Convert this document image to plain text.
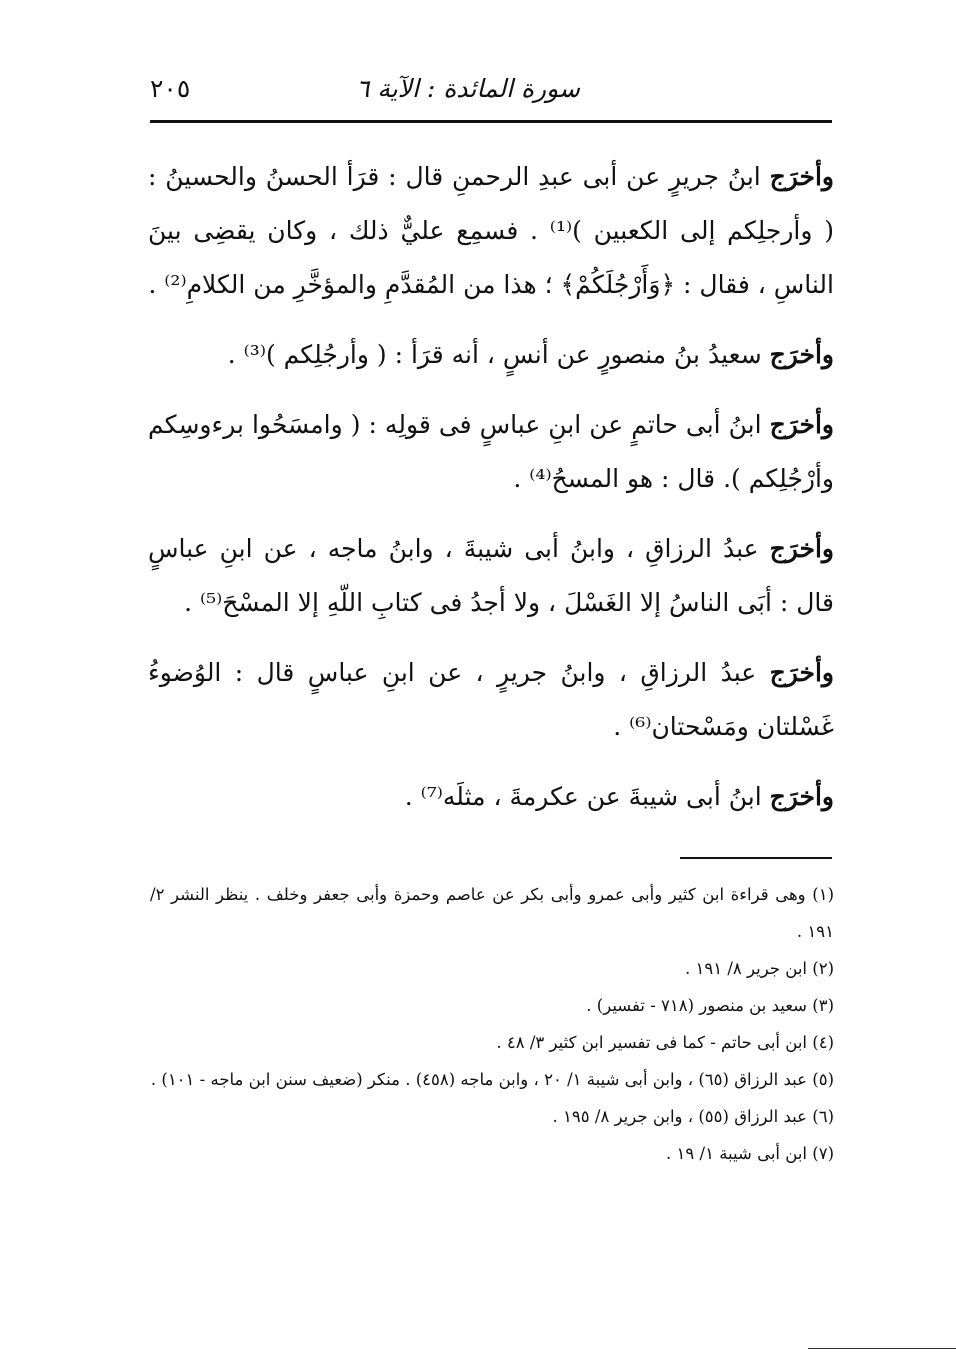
٢٠٥	سورة المائدة : الآية ٦

وأخرَج ابنُ جريرٍ عن أبى عبدِ الرحمنِ قال : قرَأ الحسنُ والحسينُ : ( وأرجلِكم إلى الكعبين )⁽¹⁾ . فسمِع عليٌّ ذلك ، وكان يقضِى بينَ الناسِ ، فقال : ﴿وَأَرْجُلَكُمْ﴾ ؛ هذا من المُقدَّمِ والمؤخَّرِ من الكلامِ⁽²⁾ .

وأخرَج سعيدُ بنُ منصورٍ عن أنسٍ ، أنه قرَأ : ( وأرجُلِكم )⁽³⁾ .

وأخرَج ابنُ أبى حاتمٍ عن ابنِ عباسٍ فى قولِه : ( وامسَحُوا برءوسِكم وأرْجُلِكم ). قال : هو المسحُ⁽⁴⁾ .

وأخرَج عبدُ الرزاقِ ، وابنُ أبى شيبةَ ، وابنُ ماجه ، عن ابنِ عباسٍ قال : أبَى الناسُ إلا الغَسْلَ ، ولا أجدُ فى كتابِ اللّهِ إلا المسْحَ⁽⁵⁾ .

وأخرَج عبدُ الرزاقِ ، وابنُ جريرٍ ، عن ابنِ عباسٍ قال : الوُضوءُ غَسْلتان ومَسْحتان⁽⁶⁾ .

وأخرَج ابنُ أبى شيبةَ عن عكرمةَ ، مثلَه⁽⁷⁾ .

(١) وهى قراءة ابن كثير وأبى عمرو وأبى بكر عن عاصم وحمزة وأبى جعفر وخلف . ينظر النشر ٢/ ١٩١ .

(٢) ابن جرير ٨/ ١٩١ .

(٣) سعيد بن منصور (٧١٨ - تفسير) .

(٤) ابن أبى حاتم - كما فى تفسير ابن كثير ٣/ ٤٨ .

(٥) عبد الرزاق (٦٥) ، وابن أبى شيبة ١/ ٢٠ ، وابن ماجه (٤٥٨) . منكر (ضعيف سنن ابن ماجه - ١٠١) .

(٦) عبد الرزاق (٥٥) ، وابن جرير ٨/ ١٩٥ .

(٧) ابن أبى شيبة ١/ ١٩ .
